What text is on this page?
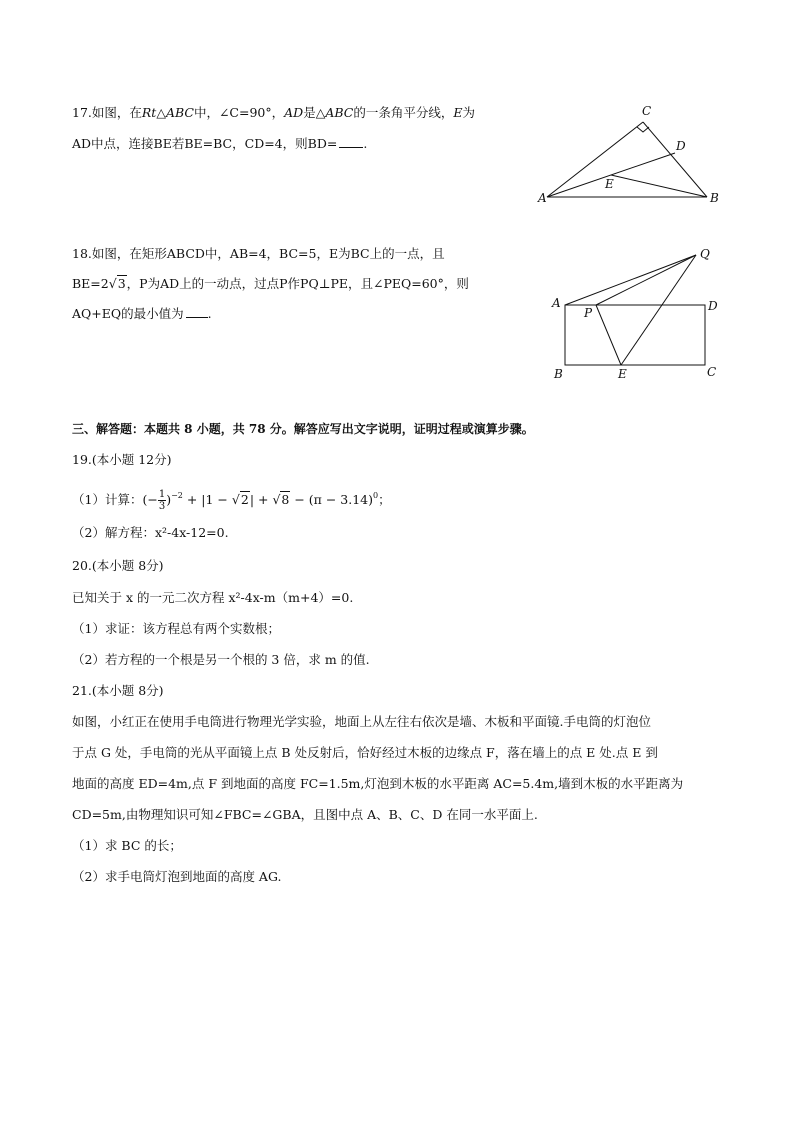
17.如图，在Rt△ABC中，∠C=90°，AD是△ABC的一条角平分线，E为
AD中点，连接BE若BE=BC，CD=4，则BD= .
A	B
C
D
E
18.如图，在矩形ABCD中，AB=4，BC=5，E为BC上的一点，且
BE=2√3，P为AD上的一动点，过点P作PQ⊥PE，且∠PEQ=60°，则
AQ+EQ的最小值为 .
A
P	D
Q
B	E	C
三、解答题：本题共 8 小题，共 78 分。解答应写出文字说明，证明过程或演算步骤。
19.(本小题 12分)
（1）计算：(− $\frac{1}{3} )^{-2} + |1 - √2| + √8 - (\pi - 3.14)^0$；
（2）解方程：x²-4x-12=0.
20.(本小题 8分)
已知关于 x 的一元二次方程 x²-4x-m（m+4）=0.
（1）求证：该方程总有两个实数根；
（2）若方程的一个根是另一个根的 3 倍，求 m 的值.
21.(本小题 8分)
如图，小红正在使用手电筒进行物理光学实验，地面上从左往右依次是墙、木板和平面镜.手电筒的灯泡位
于点 G 处，手电筒的光从平面镜上点 B 处反射后，恰好经过木板的边缘点 F，落在墙上的点 E 处.点 E 到
地面的高度 ED=4m,点 F 到地面的高度 FC=1.5m,灯泡到木板的水平距离 AC=5.4m,墙到木板的水平距离为
CD=5m,由物理知识可知∠FBC=∠GBA，且图中点 A、B、C、D 在同一水平面上.
（1）求 BC 的长；
（2）求手电筒灯泡到地面的高度 AG.
